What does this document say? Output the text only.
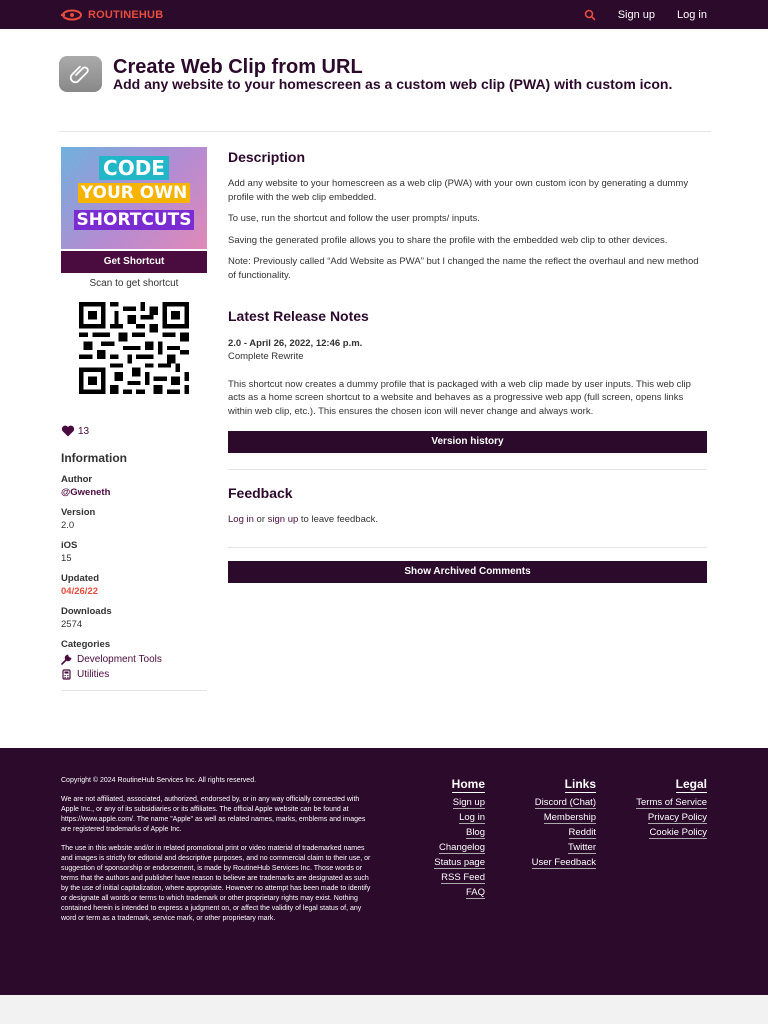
ROUTINEHUB	Sign up Log in
Create Web Clip from URL
Add any website to your homescreen as a custom web clip (PWA) with custom icon.
CODE
YOUR OWN
SHORTCUTS
Get Shortcut
Scan to get shortcut
13
Information
Author
@Gweneth
Version
2.0
iOS
15
Updated
04/26/22
Downloads
2574
Categories
Development Tools
Utilities
Description

Add any website to your homescreen as a web clip (PWA) with your own custom icon by generating a dummy profile with the web clip embedded.

To use, run the shortcut and follow the user prompts/ inputs.

Saving the generated profile allows you to share the profile with the embedded web clip to other devices.

Note: Previously called “Add Website as PWA” but I changed the name the reflect the overhaul and new method of functionality.

Latest Release Notes
2.0 - April 26, 2022, 12:46 p.m.

Complete Rewrite

This shortcut now creates a dummy profile that is packaged with a web clip made by user inputs. This web clip acts as a home screen shortcut to a website and behaves as a progressive web app (full screen, opens links within web clip, etc.). This ensures the chosen icon will never change and always work.

Version history
Feedback

Log in or sign up to leave feedback.

Show Archived Comments

Copyright © 2024 RoutineHub Services Inc. All rights reserved.

We are not affiliated, associated, authorized, endorsed by, or in any way officially connected with Apple Inc., or any of its subsidiaries or its affiliates. The official Apple website can be found at https://www.apple.com/. The name "Apple" as well as related names, marks, emblems and images are registered trademarks of Apple Inc.

The use in this website and/or in related promotional print or video material of trademarked names and images is strictly for editorial and descriptive purposes, and no commercial claim to their use, or suggestion of sponsorship or endorsement, is made by RoutineHub Services Inc. Those words or terms that the authors and publisher have reason to believe are trademarks are designated as such by the use of initial capitalization, where appropriate. However no attempt has been made to identify or designate all words or terms to which trademark or other proprietary rights may exist. Nothing contained herein is intended to express a judgment on, or affect the validity of legal status of, any word or term as a trademark, service mark, or other proprietary mark.

Home
Sign up
Log in
Blog
Changelog
Status page
RSS Feed
FAQ
Links
Discord (Chat)
Membership
Reddit
Twitter
User Feedback
Legal
Terms of Service
Privacy Policy
Cookie Policy
